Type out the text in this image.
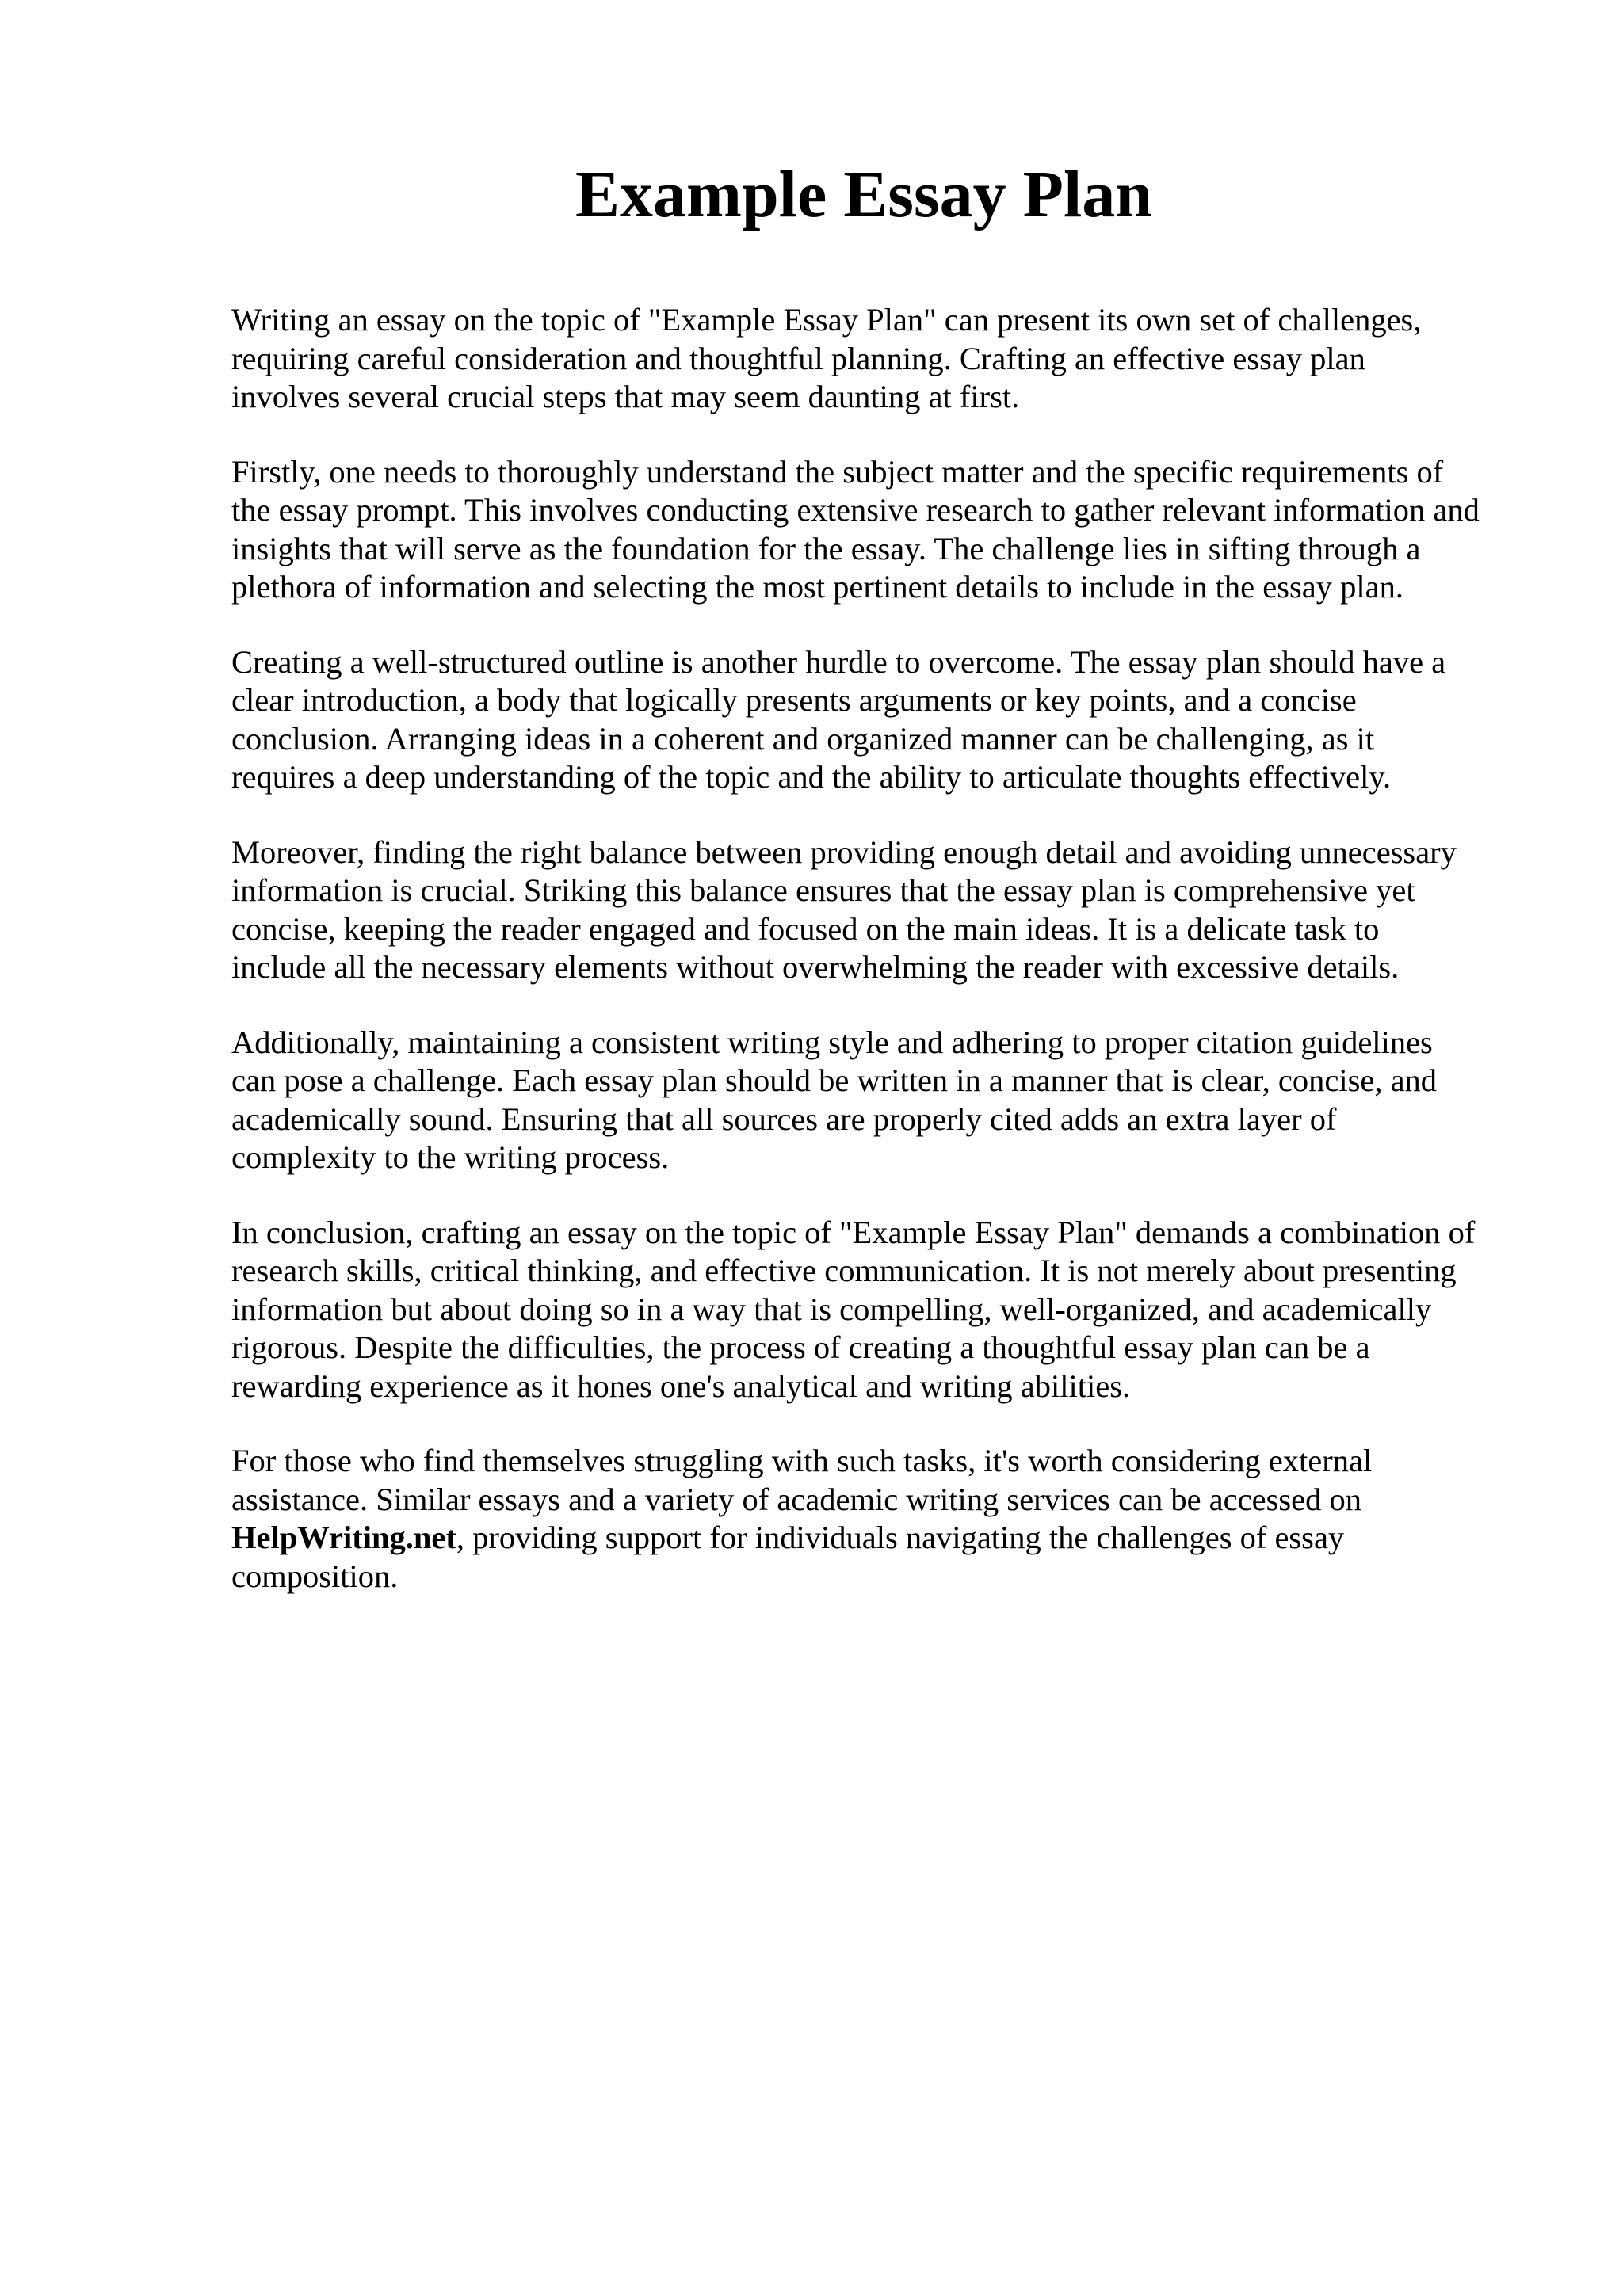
Example Essay Plan

Writing an essay on the topic of "Example Essay Plan" can present its own set of challenges,
requiring careful consideration and thoughtful planning. Crafting an effective essay plan
involves several crucial steps that may seem daunting at first.

Firstly, one needs to thoroughly understand the subject matter and the specific requirements of
the essay prompt. This involves conducting extensive research to gather relevant information and
insights that will serve as the foundation for the essay. The challenge lies in sifting through a
plethora of information and selecting the most pertinent details to include in the essay plan.

Creating a well-structured outline is another hurdle to overcome. The essay plan should have a
clear introduction, a body that logically presents arguments or key points, and a concise
conclusion. Arranging ideas in a coherent and organized manner can be challenging, as it
requires a deep understanding of the topic and the ability to articulate thoughts effectively.

Moreover, finding the right balance between providing enough detail and avoiding unnecessary
information is crucial. Striking this balance ensures that the essay plan is comprehensive yet
concise, keeping the reader engaged and focused on the main ideas. It is a delicate task to
include all the necessary elements without overwhelming the reader with excessive details.

Additionally, maintaining a consistent writing style and adhering to proper citation guidelines
can pose a challenge. Each essay plan should be written in a manner that is clear, concise, and
academically sound. Ensuring that all sources are properly cited adds an extra layer of
complexity to the writing process.

In conclusion, crafting an essay on the topic of "Example Essay Plan" demands a combination of
research skills, critical thinking, and effective communication. It is not merely about presenting
information but about doing so in a way that is compelling, well-organized, and academically
rigorous. Despite the difficulties, the process of creating a thoughtful essay plan can be a
rewarding experience as it hones one's analytical and writing abilities.

For those who find themselves struggling with such tasks, it's worth considering external
assistance. Similar essays and a variety of academic writing services can be accessed on
HelpWriting.net, providing support for individuals navigating the challenges of essay
composition.
